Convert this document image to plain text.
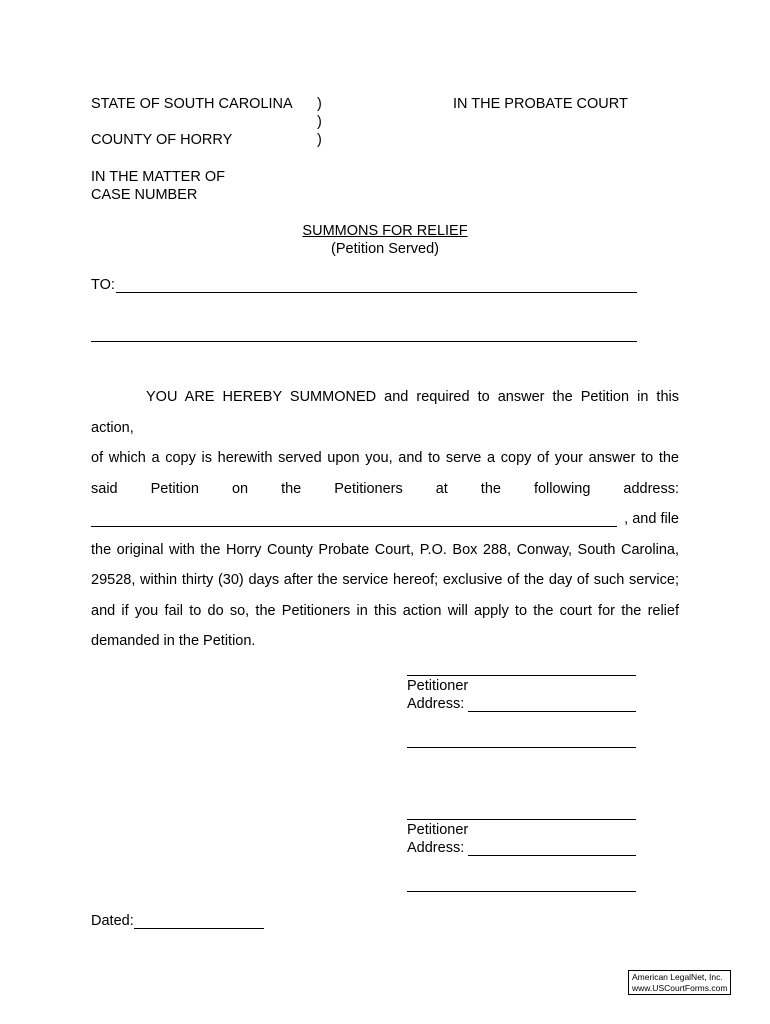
STATE OF SOUTH CAROLINA )
)
)
IN THE PROBATE COURT
COUNTY OF HORRY
IN THE MATTER OF
CASE NUMBER
SUMMONS FOR RELIEF
(Petition Served)
TO:

YOU ARE HEREBY SUMMONED and required to answer the Petition in this action,

of which a copy is herewith served upon you, and to serve a copy of your answer to the

said Petition on the Petitioners at the following address:

, and file

the original with the Horry County Probate Court, P.O. Box 288, Conway, South Carolina,

29528, within thirty (30) days after the service hereof; exclusive of the day of such service;

and if you fail to do so, the Petitioners in this action will apply to the court for the relief

demanded in the Petition.

Petitioner
Address:
Petitioner
Address:
Dated:
American LegalNet, Inc.
www.USCourtForms.com
